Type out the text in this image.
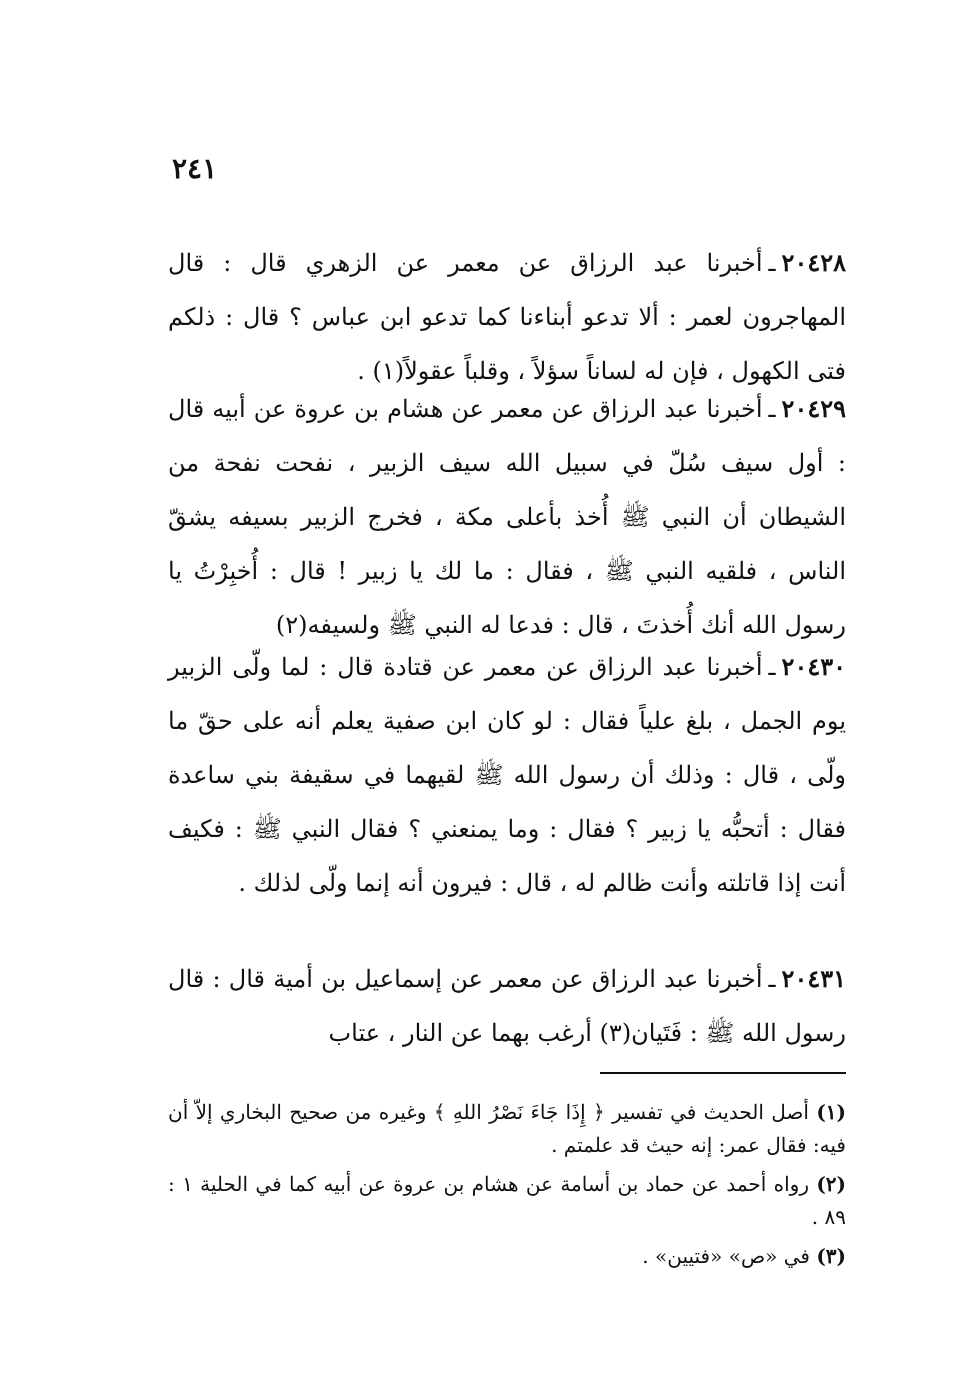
٢٤١

٢٠٤٢٨ـأخبرنا عبد الرزاق عن معمر عن الزهري قال : قال المهاجرون لعمر : ألا تدعو أبناءنا كما تدعو ابن عباس ؟ قال : ذلكم فتى الكهول ، فإن له لساناً سؤلاً ، وقلباً عقولاً(١) .

٢٠٤٢٩ـأخبرنا عبد الرزاق عن معمر عن هشام بن عروة عن أبيه قال : أول سيف سُلّ في سبيل الله سيف الزبير ، نفحت نفحة من الشيطان أن النبي ﷺ أُخذ بأعلى مكة ، فخرج الزبير بسيفه يشقّ الناس ، فلقيه النبي ﷺ ، فقال : ما لك يا زبير ! قال : أُخبِرْتُ يا رسول الله أنك أُخذتَ ، قال : فدعا له النبي ﷺ ولسيفه(٢)

٢٠٤٣٠ـأخبرنا عبد الرزاق عن معمر عن قتادة قال : لما ولّى الزبير يوم الجمل ، بلغ علياً فقال : لو كان ابن صفية يعلم أنه على حقّ ما ولّى ، قال : وذلك أن رسول الله ﷺ لقيهما في سقيفة بني ساعدة فقال : أتحبُّه يا زبير ؟ فقال : وما يمنعني ؟ فقال النبي ﷺ : فكيف أنت إذا قاتلته وأنت ظالم له ، قال : فيرون أنه إنما ولّى لذلك .

٢٠٤٣١ـأخبرنا عبد الرزاق عن معمر عن إسماعيل بن أمية قال : قال رسول الله ﷺ : فَتَيان(٣) أرغب بهما عن النار ، عتاب

(١) أصل الحديث في تفسير ﴿ إِذَا جَاءَ نَصْرُ اللهِ ﴾ وغيره من صحيح البخاري إلاّ أن فيه: فقال عمر: إنه حيث قد علمتم .

(٢) رواه أحمد عن حماد بن أسامة عن هشام بن عروة عن أبيه كما في الحلية ١ : ٨٩ .

(٣) في «ص» «فتيين» .
